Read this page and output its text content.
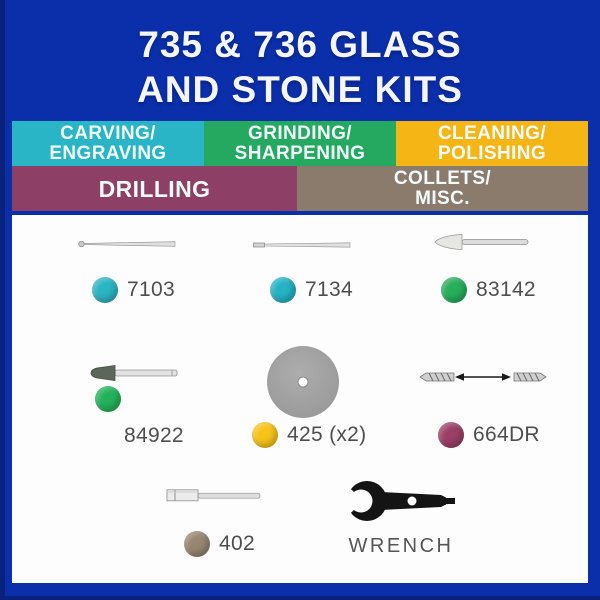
735 & 736 GLASS
AND STONE KITS
CARVING/
ENGRAVING
GRINDING/
SHARPENING
CLEANING/
POLISHING
DRILLING	COLLETS/
MISC.
7103	7134	83142
84922	425 (x2)	664DR
402	WRENCH
